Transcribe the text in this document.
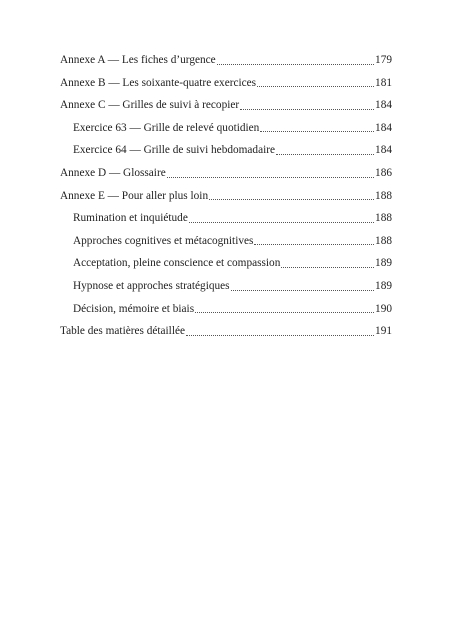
Annexe A — Les fiches d’urgence	179
Annexe B — Les soixante-quatre exercices	181
Annexe C — Grilles de suivi à recopier	184
Exercice 63 — Grille de relevé quotidien	184
Exercice 64 — Grille de suivi hebdomadaire	184
Annexe D — Glossaire	186
Annexe E — Pour aller plus loin	188
Rumination et inquiétude	188
Approches cognitives et métacognitives	188
Acceptation, pleine conscience et compassion	189
Hypnose et approches stratégiques	189
Décision, mémoire et biais	190
Table des matières détaillée	191
